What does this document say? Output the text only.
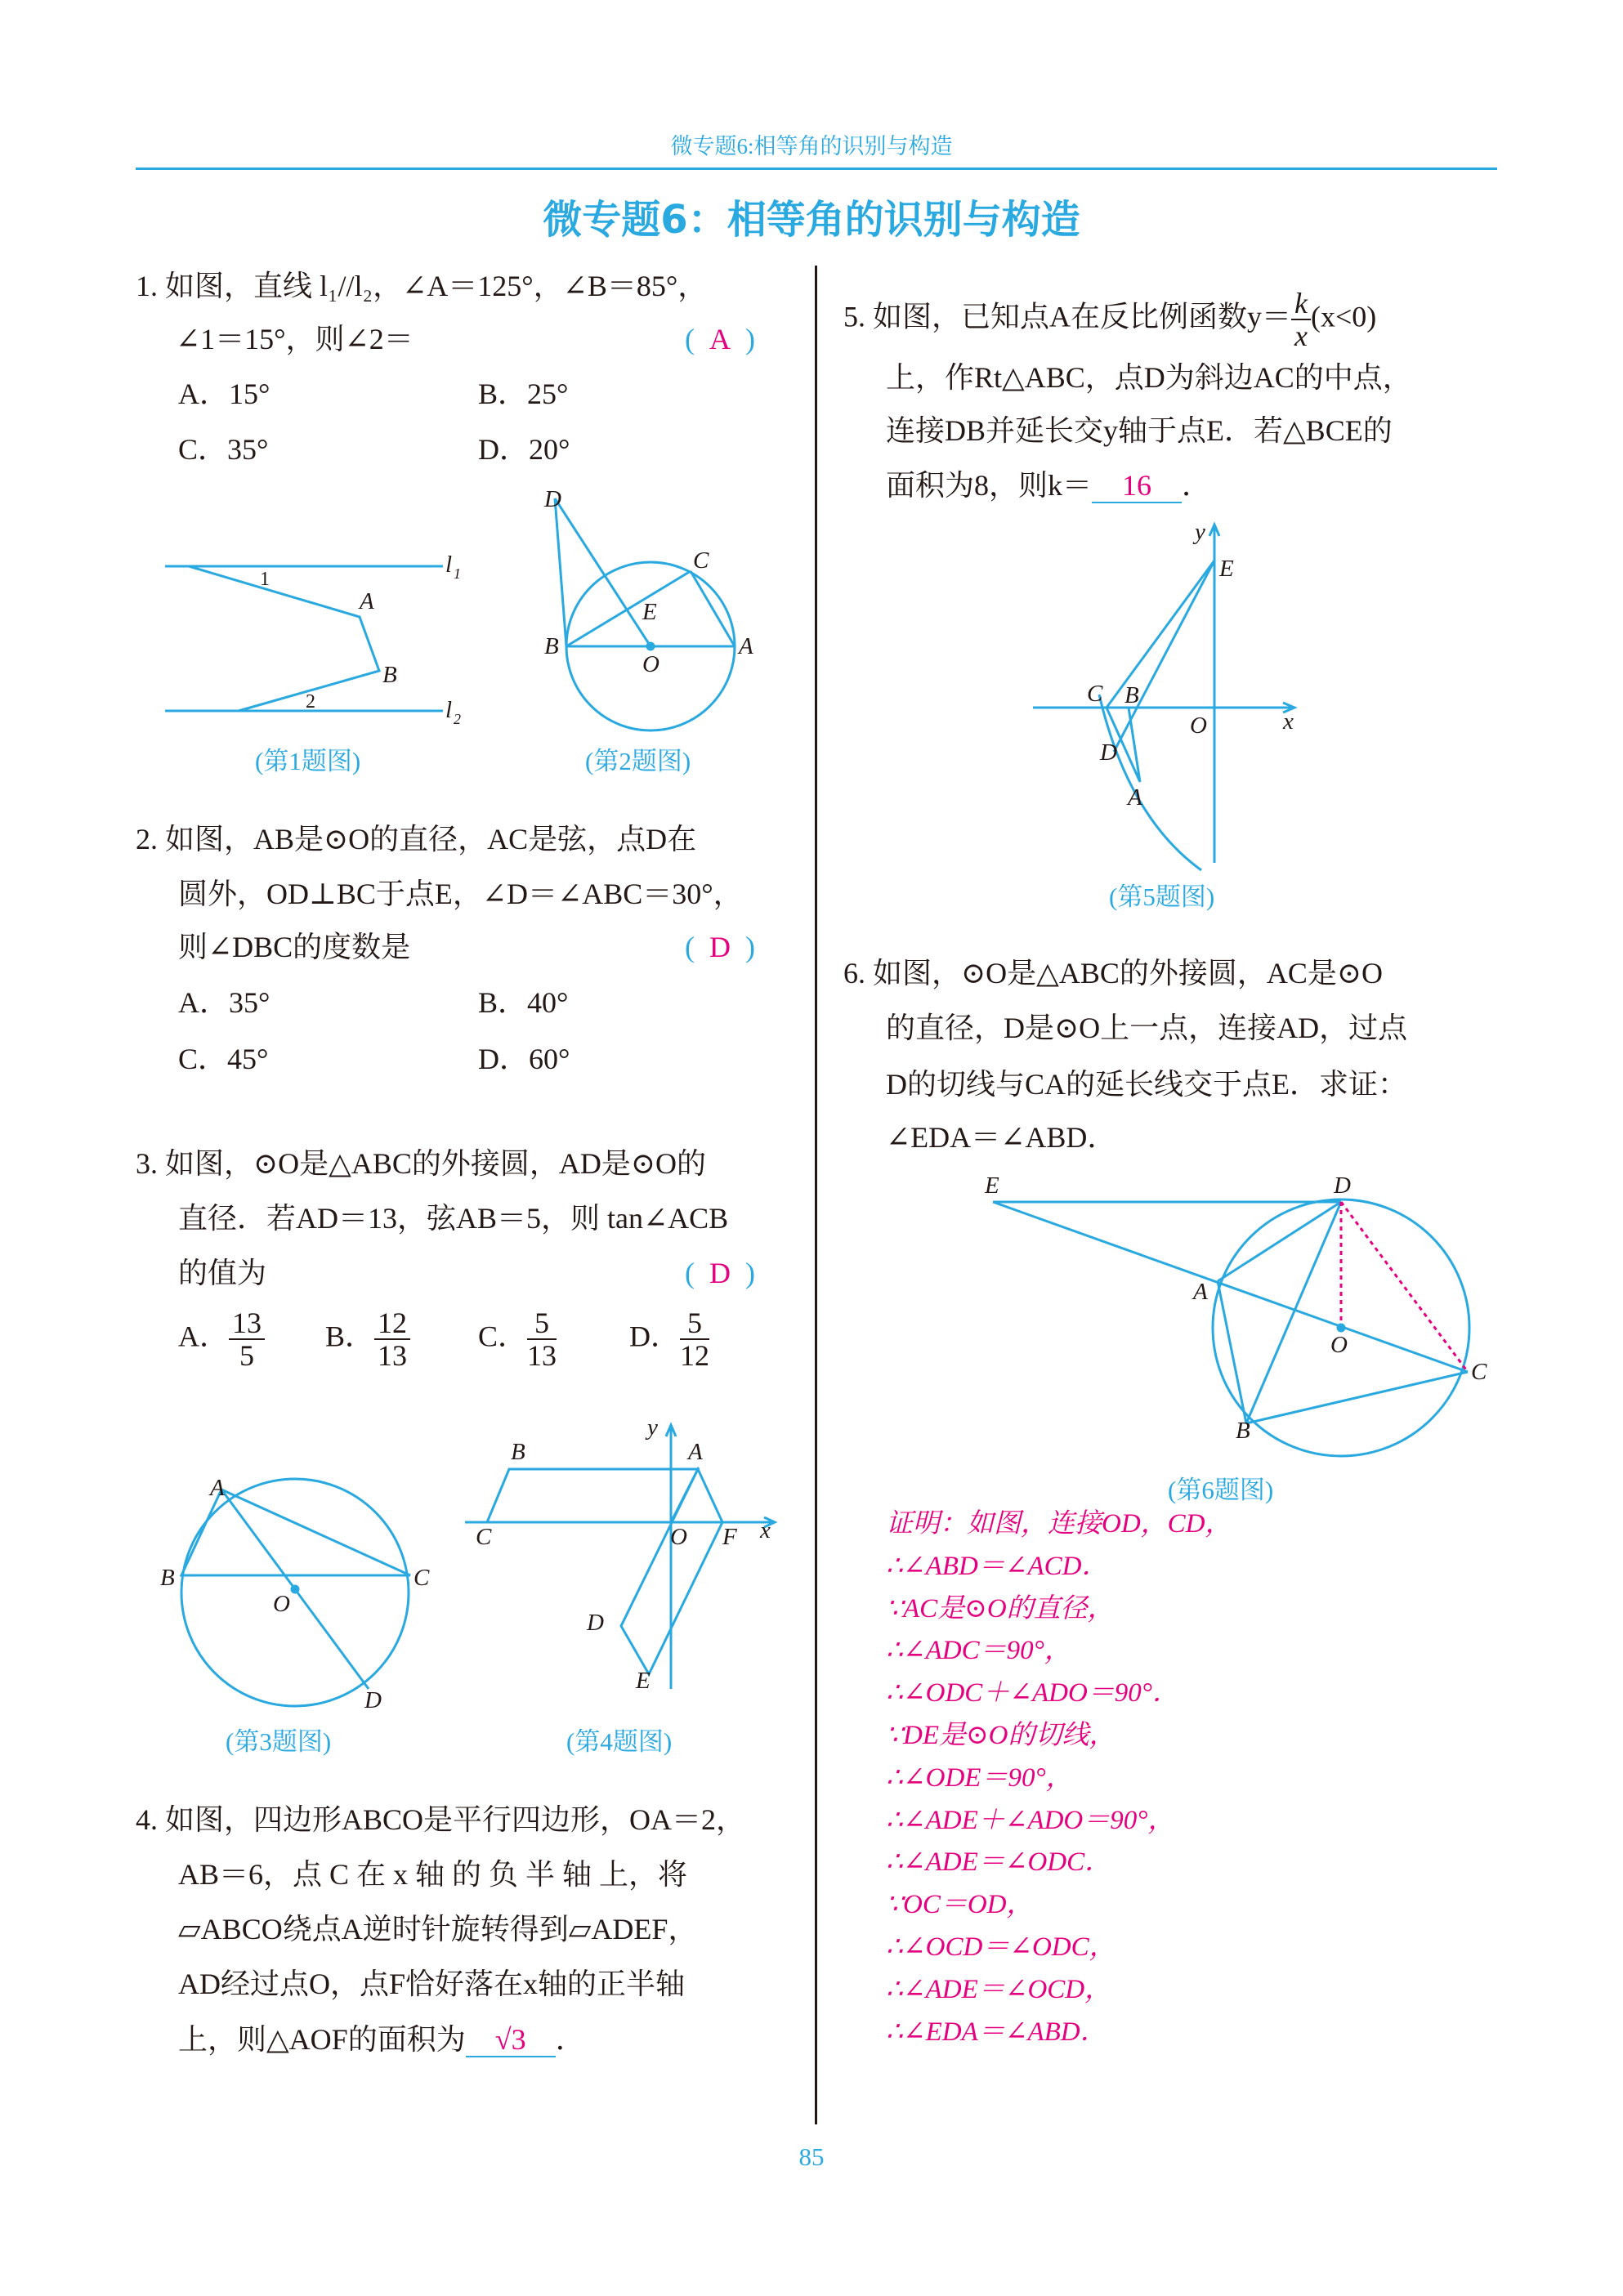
微专题6:相等角的识别与构造
微专题6：相等角的识别与构造
1. 如图，直线 l₁//l₂，∠A＝125°，∠B＝85°，
∠1＝15°，则∠2＝	( A )
A．15°	B．25°
C．35°	D．20°
2. 如图，AB是⊙O的直径，AC是弦，点D在
圆外，OD⊥BC于点E，∠D＝∠ABC＝30°，
则∠DBC的度数是	( D )
A．35°	B．40°
C．45°	D．60°
3. 如图，⊙O是△ABC的外接圆，AD是⊙O的
直径．若AD＝13，弦AB＝5，则 tan∠ACB
的值为	( D )
A． $\frac{13}{5}$ B． $\frac{12}{13}$ C． $\frac{5}{13}$ D． $\frac{5}{12}$
4. 如图，四边形ABCO是平行四边形，OA＝2，
AB＝6，点 C 在 x 轴 的 负 半 轴 上，将
▱ABCO绕点A逆时针旋转得到▱ADEF，
AD经过点O，点F恰好落在x轴的正半轴
上，则△AOF的面积为 √3 ．
5. 如图，已知点A在反比例函数$y= \frac{k}{x} (x<0)$
上，作Rt△ABC，点D为斜边AC的中点，
连接DB并延长交y轴于点E．若△BCE的
面积为8，则k＝ 16 ．
6. 如图，⊙O是△ABC的外接圆，AC是⊙O
的直径，D是⊙O上一点，连接AD，过点
D的切线与CA的延长线交于点E．求证：
∠EDA＝∠ABD．
证明：如图，连接OD，CD，
∴∠ABD＝∠ACD．
∵AC是⊙O的直径，
∴∠ADC＝90°，
∴∠ODC＋∠ADO＝90°．
∵DE是⊙O的切线，
∴∠ODE＝90°，
∴∠ADE＋∠ADO＝90°，
∴∠ADE＝∠ODC．
∵OC＝OD，
∴∠OCD＝∠ODC，
∴∠ADE＝∠OCD，
∴∠EDA＝∠ABD．
(第1题图)	(第2题图)
(第3题图)	(第4题图)
(第5题图)
(第6题图)
85
l 1
l 2
A
B
1
2
D
C
E
B	A
O
A
B	C
D
O
B	A
C	O F
D
E
x
y
E
C B
O	x
y
D
A
E	D
A
O
C
B
